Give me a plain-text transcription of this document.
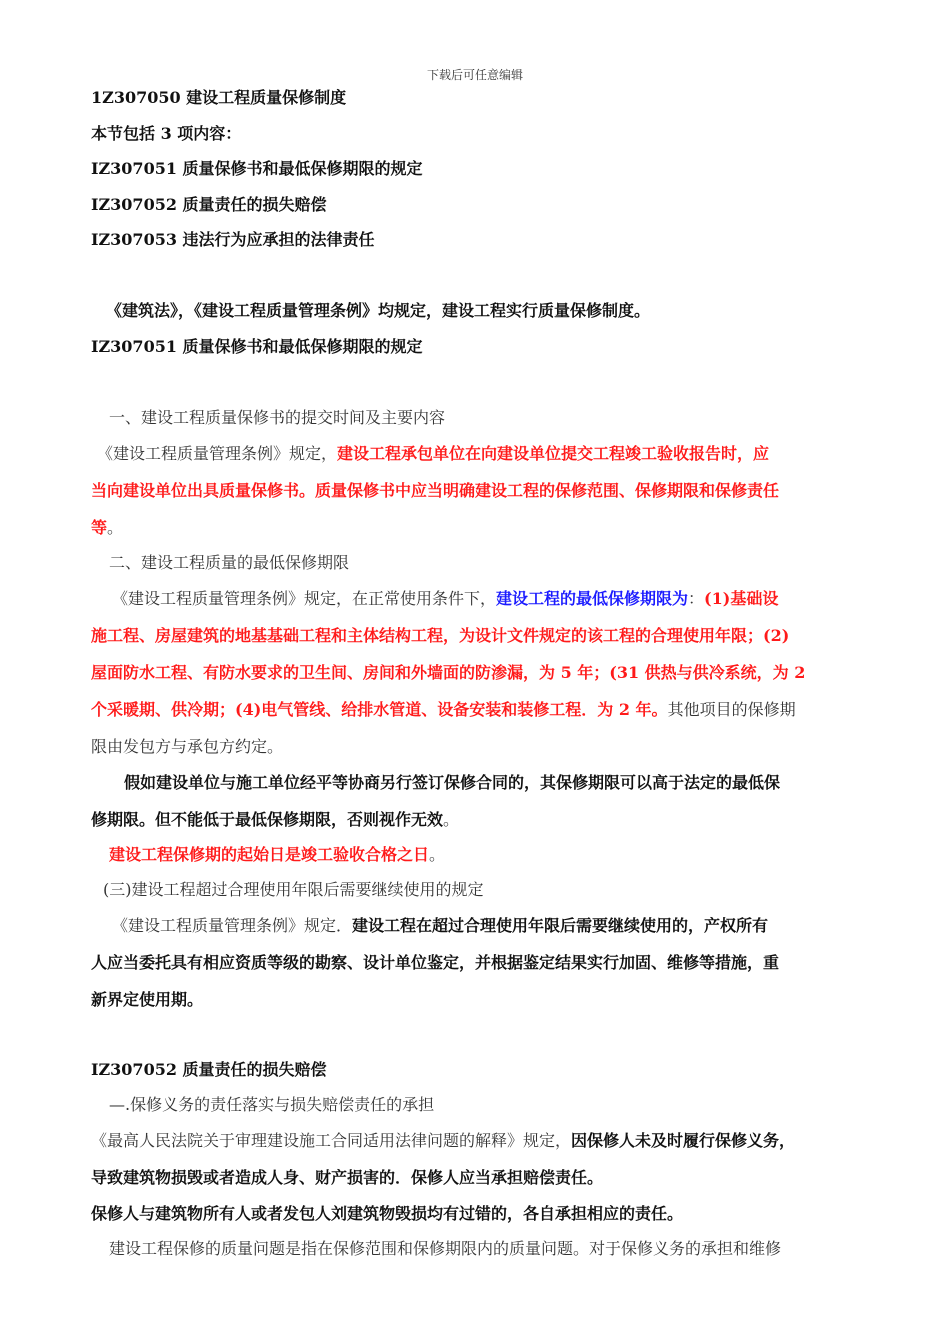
下载后可任意编辑
1Z307050 建设工程质量保修制度
本节包括 3 项内容：
IZ307051 质量保修书和最低保修期限的规定
IZ307052 质量责任的损失赔偿
IZ307053 违法行为应承担的法律责任
《建筑法》，《建设工程质量管理条例》均规定，建设工程实行质量保修制度。
IZ307051 质量保修书和最低保修期限的规定
一、建设工程质量保修书的提交时间及主要内容
《建设工程质量管理条例》规定，建设工程承包单位在向建设单位提交工程竣工验收报告时，应
当向建设单位出具质量保修书。质量保修书中应当明确建设工程的保修范围、保修期限和保修责任
等。
二、建设工程质量的最低保修期限
《建设工程质量管理条例》规定，在正常使用条件下，建设工程的最低保修期限为：(1)基础设
施工程、房屋建筑的地基基础工程和主体结构工程，为设计文件规定的该工程的合理使用年限；(2)
屋面防水工程、有防水要求的卫生间、房间和外墙面的防渗漏，为 5 年；(31 供热与供冷系统，为 2
个采暖期、供冷期；(4)电气管线、给排水管道、设备安装和装修工程．为 2 年。其他项目的保修期
限由发包方与承包方约定。
假如建设单位与施工单位经平等协商另行签订保修合同的，其保修期限可以高于法定的最低保
修期限。但不能低于最低保修期限，否则视作无效。
建设工程保修期的起始日是竣工验收合格之日。
(三)建设工程超过合理使用年限后需要继续使用的规定
《建设工程质量管理条例》规定．建设工程在超过合理使用年限后需要继续使用的，产权所有
人应当委托具有相应资质等级的勘察、设计单位鉴定，并根据鉴定结果实行加固、维修等措施，重
新界定使用期。
IZ307052 质量责任的损失赔偿
—.保修义务的责任落实与损失赔偿责任的承担
《最高人民法院关于审理建设施工合同适用法律问题的解释》规定，因保修人未及时履行保修义务，
导致建筑物损毁或者造成人身、财产损害的．保修人应当承担赔偿责任。
保修人与建筑物所有人或者发包人刘建筑物毁损均有过错的，各自承担相应的责任。
建设工程保修的质量问题是指在保修范围和保修期限内的质量问题。对于保修义务的承担和维修
